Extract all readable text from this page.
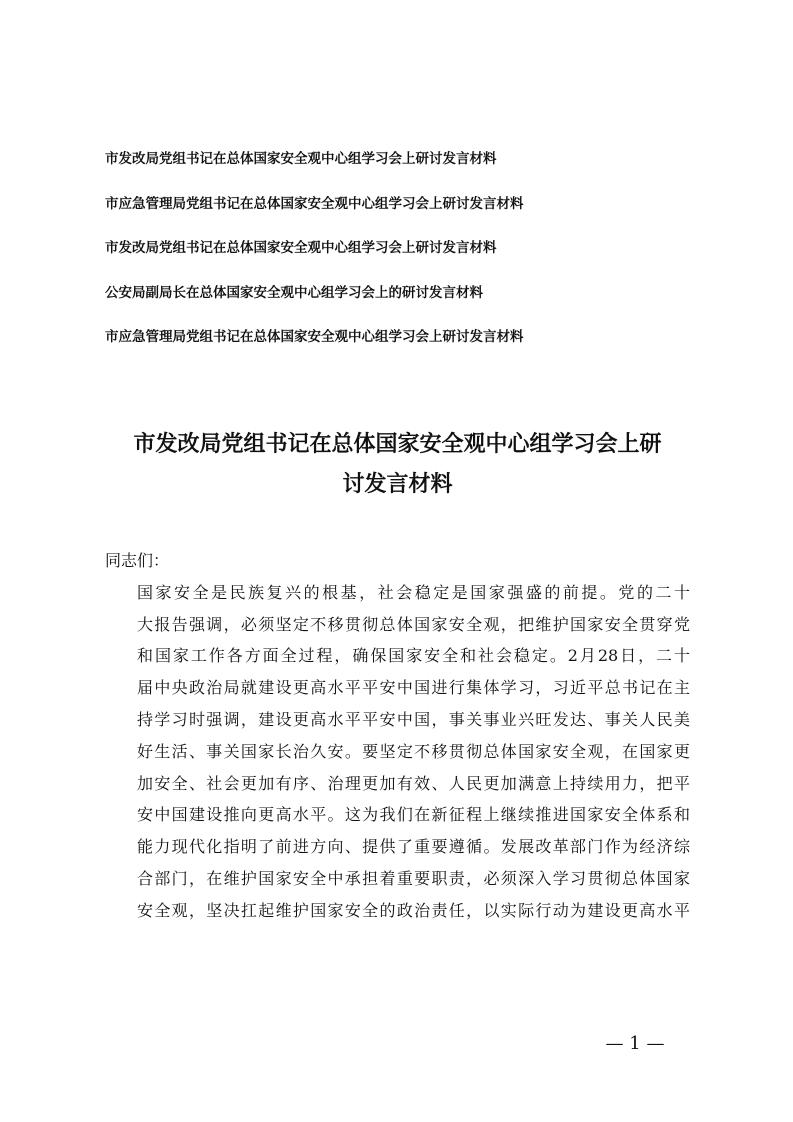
市发改局党组书记在总体国家安全观中心组学习会上研讨发言材料
市应急管理局党组书记在总体国家安全观中心组学习会上研讨发言材料
市发改局党组书记在总体国家安全观中心组学习会上研讨发言材料
公安局副局长在总体国家安全观中心组学习会上的研讨发言材料
市应急管理局党组书记在总体国家安全观中心组学习会上研讨发言材料
市发改局党组书记在总体国家安全观中心组学习会上研
讨发言材料

同志们：

国家安全是民族复兴的根基，社会稳定是国家强盛的前提。党的二十
大报告强调，必须坚定不移贯彻总体国家安全观，把维护国家安全贯穿党
和国家工作各方面全过程，确保国家安全和社会稳定。2月28日，二十
届中央政治局就建设更高水平平安中国进行集体学习，习近平总书记在主
持学习时强调，建设更高水平平安中国，事关事业兴旺发达、事关人民美
好生活、事关国家长治久安。要坚定不移贯彻总体国家安全观，在国家更
加安全、社会更加有序、治理更加有效、人民更加满意上持续用力，把平
安中国建设推向更高水平。这为我们在新征程上继续推进国家安全体系和
能力现代化指明了前进方向、提供了重要遵循。发展改革部门作为经济综
合部门，在维护国家安全中承担着重要职责，必须深入学习贯彻总体国家
安全观，坚决扛起维护国家安全的政治责任，以实际行动为建设更高水平
— 1 —
